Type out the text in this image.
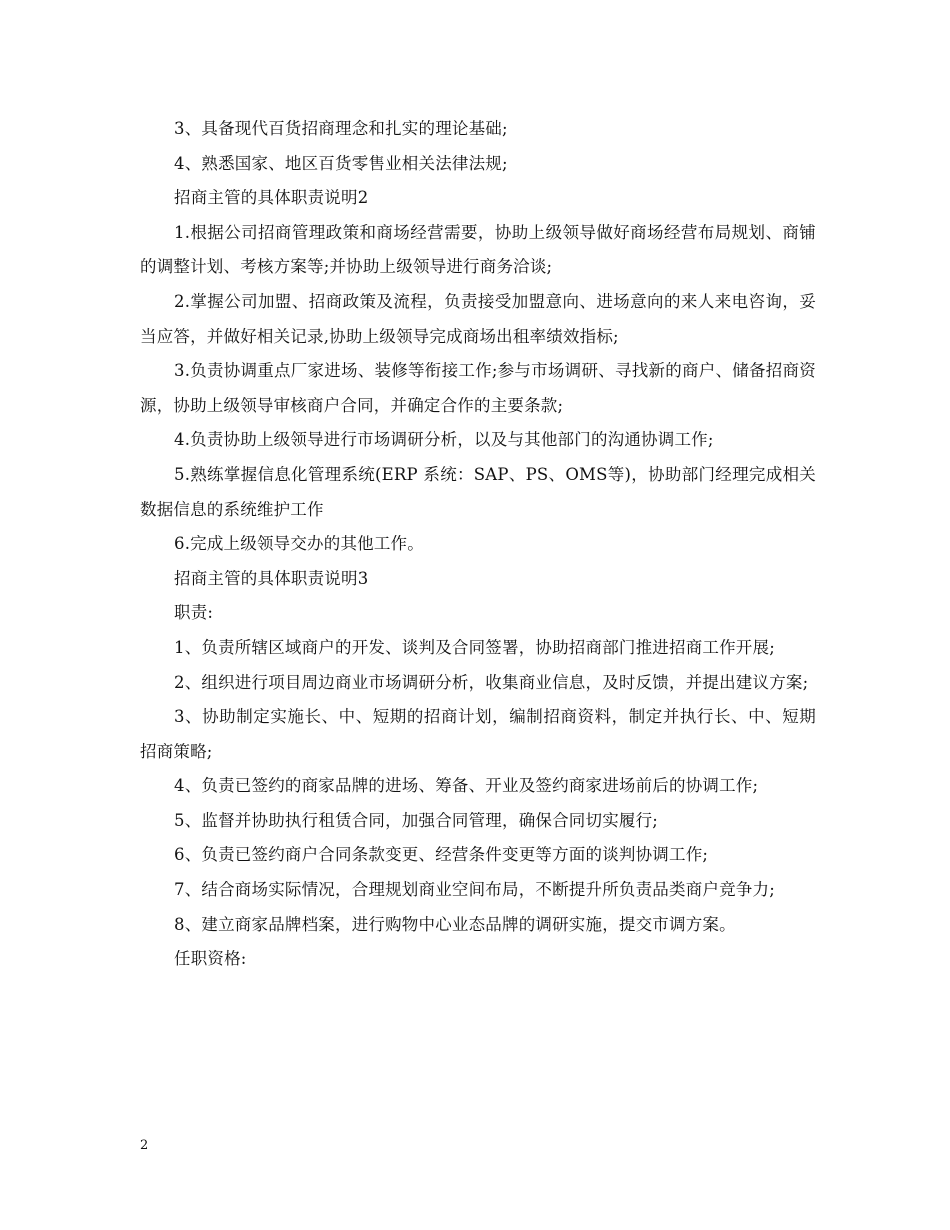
3、具备现代百货招商理念和扎实的理论基础;

4、熟悉国家、地区百货零售业相关法律法规;

招商主管的具体职责说明2

1.根据公司招商管理政策和商场经营需要，协助上级领导做好商场经营布局规划、商铺的调整计划、考核方案等;并协助上级领导进行商务洽谈;

2.掌握公司加盟、招商政策及流程，负责接受加盟意向、进场意向的来人来电咨询，妥当应答，并做好相关记录,协助上级领导完成商场出租率绩效指标;

3.负责协调重点厂家进场、装修等衔接工作;参与市场调研、寻找新的商户、储备招商资源，协助上级领导审核商户合同，并确定合作的主要条款;

4.负责协助上级领导进行市场调研分析，以及与其他部门的沟通协调工作;

5.熟练掌握信息化管理系统(ERP 系统：SAP、PS、OMS等)，协助部门经理完成相关数据信息的系统维护工作

6.完成上级领导交办的其他工作。

招商主管的具体职责说明3

职责:

1、负责所辖区域商户的开发、谈判及合同签署，协助招商部门推进招商工作开展;

2、组织进行项目周边商业市场调研分析，收集商业信息，及时反馈，并提出建议方案;

3、协助制定实施长、中、短期的招商计划，编制招商资料，制定并执行长、中、短期招商策略;

4、负责已签约的商家品牌的进场、筹备、开业及签约商家进场前后的协调工作;

5、监督并协助执行租赁合同，加强合同管理，确保合同切实履行;

6、负责已签约商户合同条款变更、经营条件变更等方面的谈判协调工作;

7、结合商场实际情况，合理规划商业空间布局，不断提升所负责品类商户竞争力;

8、建立商家品牌档案，进行购物中心业态品牌的调研实施，提交市调方案。

任职资格:

2
